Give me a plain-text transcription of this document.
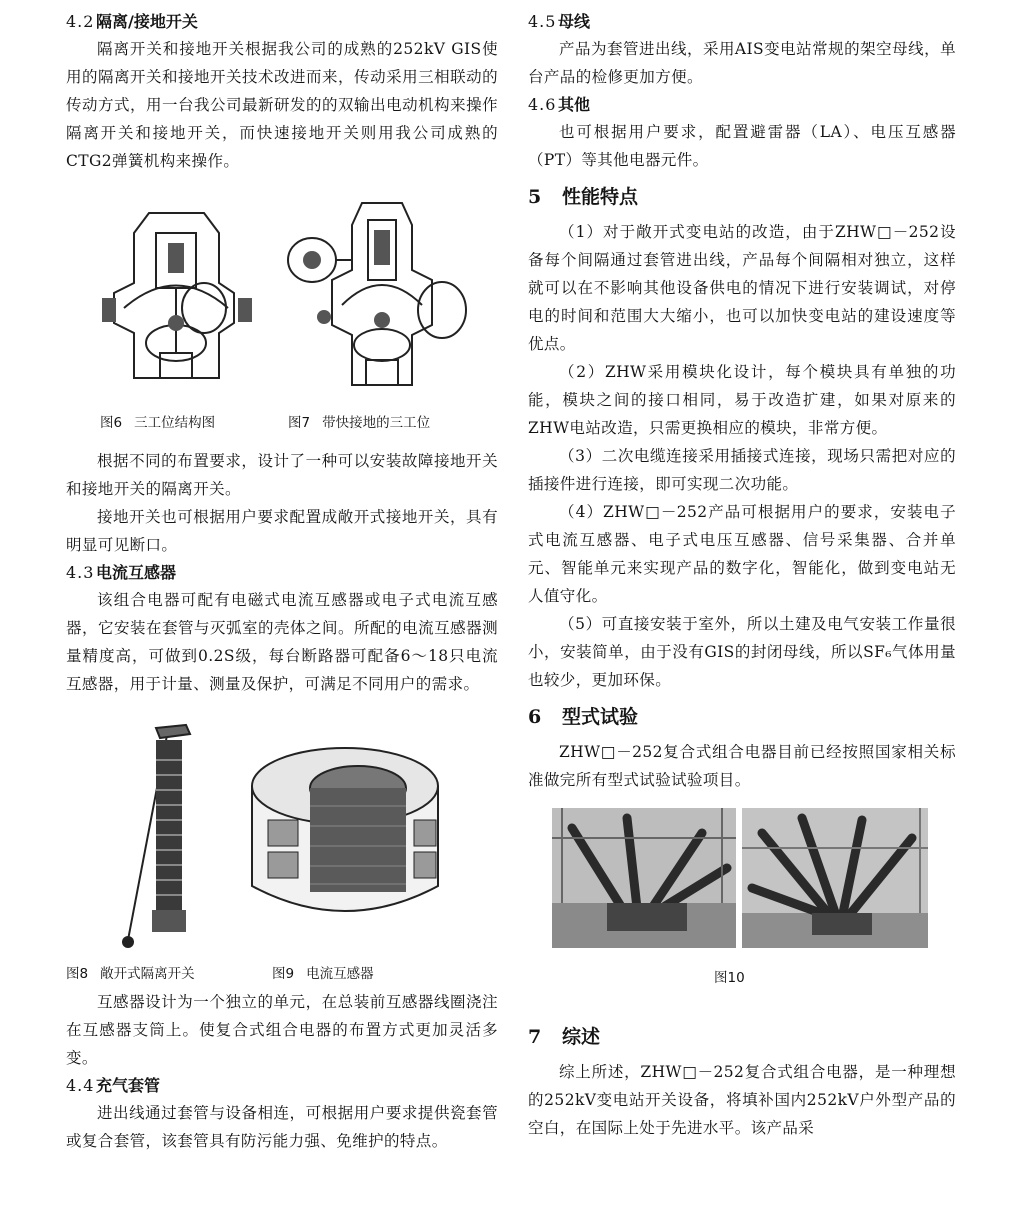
4.2隔离/接地开关

隔离开关和接地开关根据我公司的成熟的252kV GIS使用的隔离开关和接地开关技术改进而来，传动采用三相联动的传动方式，用一台我公司最新研发的的双输出电动机构来操作隔离开关和接地开关，而快速接地开关则用我公司成熟的CTG2弹簧机构来操作。

图6 三工位结构图	图7 带快接地的三工位

根据不同的布置要求，设计了一种可以安装故障接地开关和接地开关的隔离开关。

接地开关也可根据用户要求配置成敞开式接地开关，具有明显可见断口。

4.3电流互感器

该组合电器可配有电磁式电流互感器或电子式电流互感器，它安装在套管与灭弧室的壳体之间。所配的电流互感器测量精度高，可做到0.2S级，每台断路器可配备6～18只电流互感器，用于计量、测量及保护，可满足不同用户的需求。

图8 敞开式隔离开关	图9 电流互感器

互感器设计为一个独立的单元，在总装前互感器线圈浇注在互感器支筒上。使复合式组合电器的布置方式更加灵活多变。

4.4充气套管

进出线通过套管与设备相连，可根据用户要求提供瓷套管或复合套管，该套管具有防污能力强、免维护的特点。

4.5母线

产品为套管进出线，采用AIS变电站常规的架空母线，单台产品的检修更加方便。

4.6其他

也可根据用户要求，配置避雷器（LA）、电压互感器（PT）等其他电器元件。

5 性能特点

（1）对于敞开式变电站的改造，由于ZHW□－252设备每个间隔通过套管进出线，产品每个间隔相对独立，这样就可以在不影响其他设备供电的情况下进行安装调试，对停电的时间和范围大大缩小，也可以加快变电站的建设速度等优点。

（2）ZHW采用模块化设计，每个模块具有单独的功能，模块之间的接口相同，易于改造扩建，如果对原来的ZHW电站改造，只需更换相应的模块，非常方便。

（3）二次电缆连接采用插接式连接，现场只需把对应的插接件进行连接，即可实现二次功能。

（4）ZHW□－252产品可根据用户的要求，安装电子式电流互感器、电子式电压互感器、信号采集器、合并单元、智能单元来实现产品的数字化，智能化，做到变电站无人值守化。

（5）可直接安装于室外，所以土建及电气安装工作量很小，安装简单，由于没有GIS的封闭母线，所以SF₆气体用量也较少，更加环保。

6 型式试验

ZHW□－252复合式组合电器目前已经按照国家相关标准做完所有型式试验试验项目。

图10
7 综述

综上所述，ZHW□－252复合式组合电器，是一种理想的252kV变电站开关设备，将填补国内252kV户外型产品的空白，在国际上处于先进水平。该产品采
